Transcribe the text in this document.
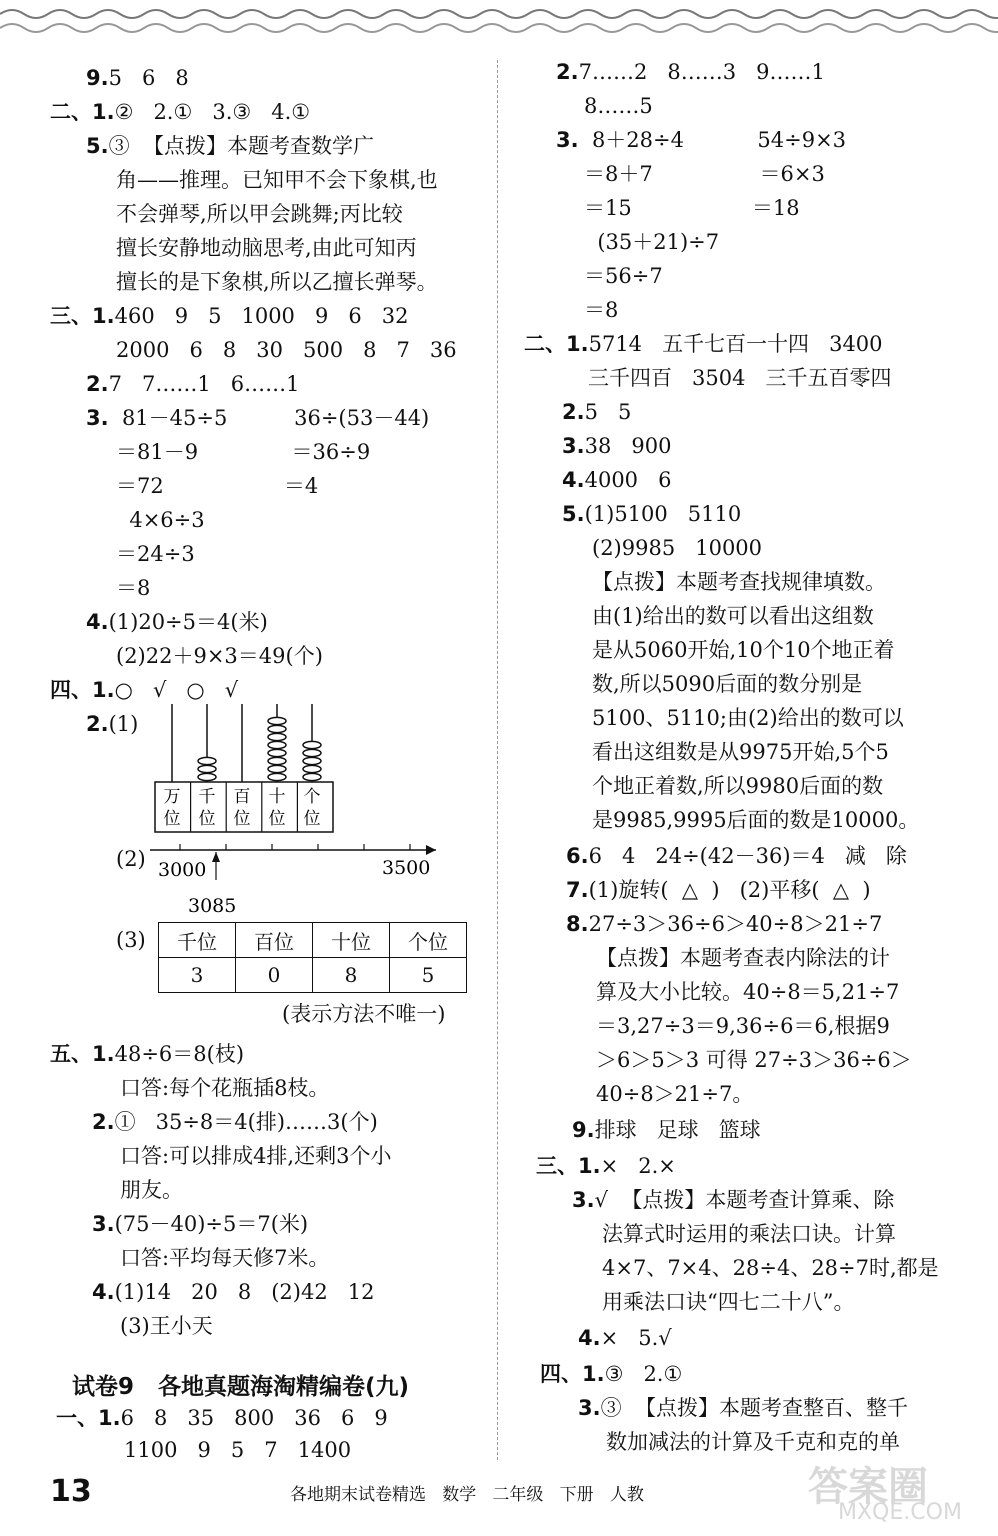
万
位
千
位
百
位
十
位
个
位
3000	3500
3085
千位	百位	十位	个位
3	0	8	5
试卷9   各地真题海淘精编卷(九)
13	各地期末试卷精选   数学   二年级   下册   人教	答案圈
MXQE.COM
9.5   6   8
二、1.②   2.①   3.③   4.①
5.③  【点拨】本题考查数学广
角——推理。已知甲不会下象棋,也
不会弹琴,所以甲会跳舞;丙比较
擅长安静地动脑思考,由此可知丙
擅长的是下象棋,所以乙擅长弹琴。
三、1.460   9   5   1000   9   6   32
2000   6   8   30   500   8   7   36
2.7   7……1   6……1
3.  81－45÷5          36÷(53－44)
＝81－9              ＝36÷9
＝72                  ＝4
4×6÷3
＝24÷3
＝8
4.(1)20÷5＝4(米)
(2)22＋9×3＝49(个)
四、1.○   √   ○   √
2.(1)
(2)
(3)
(表示方法不唯一)
五、1.48÷6＝8(枝)
口答:每个花瓶插8枝。
2.①   35÷8＝4(排)……3(个)
口答:可以排成4排,还剩3个小
朋友。
3.(75－40)÷5＝7(米)
口答:平均每天修7米。
4.(1)14   20   8   (2)42   12
(3)王小天
一、1.6   8   35   800   36   6   9
1100   9   5   7   1400
2.7……2   8……3   9……1
8……5
3.  8＋28÷4           54÷9×3
＝8＋7                ＝6×3
＝15                  ＝18
(35＋21)÷7
＝56÷7
＝8
二、1.5714   五千七百一十四   3400
三千四百   3504   三千五百零四
2.5   5
3.38   900
4.4000   6
5.(1)5100   5110
(2)9985   10000
【点拨】本题考查找规律填数。
由(1)给出的数可以看出这组数
是从5060开始,10个10个地正着
数,所以5090后面的数分别是
5100、5110;由(2)给出的数可以
看出这组数是从9975开始,5个5
个地正着数,所以9980后面的数
是9985,9995后面的数是10000。
6.6   4   24÷(42－36)＝4   减   除
7.(1)旋转(  △  )   (2)平移(  △  )
8.27÷3＞36÷6＞40÷8＞21÷7
【点拨】本题考查表内除法的计
算及大小比较。40÷8＝5,21÷7
＝3,27÷3＝9,36÷6＝6,根据9
＞6＞5＞3 可得 27÷3＞36÷6＞
40÷8＞21÷7。
9.排球   足球   篮球
三、1.×   2.×
3.√  【点拨】本题考查计算乘、除
法算式时运用的乘法口诀。计算
4×7、7×4、28÷4、28÷7时,都是
用乘法口诀“四七二十八”。
4.×   5.√
四、1.③   2.①
3.③  【点拨】本题考查整百、整千
数加减法的计算及千克和克的单
